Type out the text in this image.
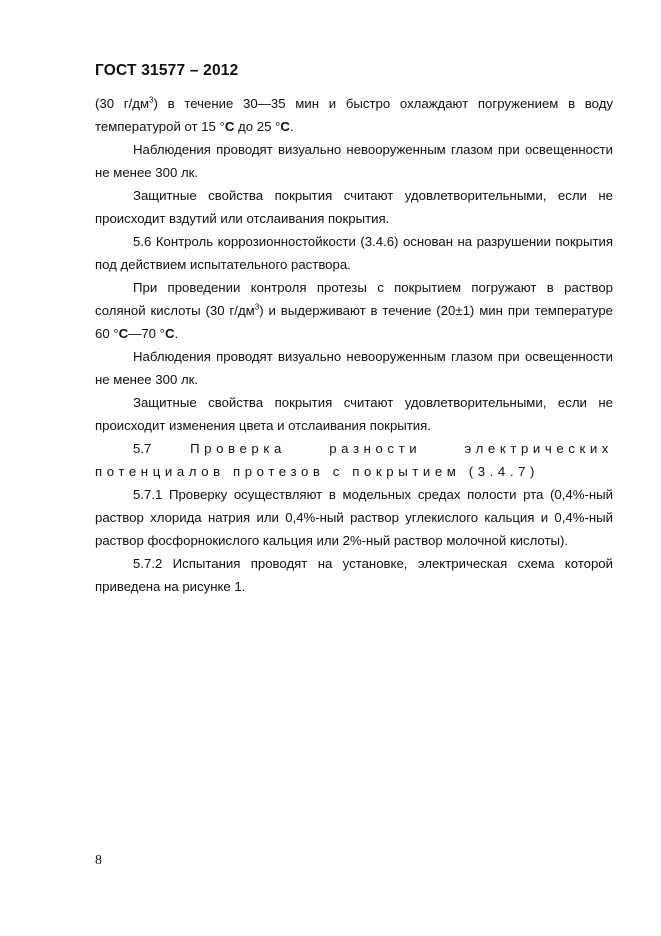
ГОСТ 31577 – 2012

(30 $г/дм^3$) в течение 30—35 мин и быстро охлаждают погружением в воду температурой от 15 °C до 25 °C.

Наблюдения проводят визуально невооруженным глазом при освещенности не менее 300 лк.

Защитные свойства покрытия считают удовлетворительными, если не происходит вздутий или отслаивания покрытия.

5.6 Контроль коррозионностойкости (3.4.6) основан на разрушении покрытия под действием испытательного раствора.

При проведении контроля протезы с покрытием погружают в раствор соляной кислоты (30 $г/дм^3$) и выдерживают в течение (20±1) мин при температуре 60 °C—70 °C.

Наблюдения проводят визуально невооруженным глазом при освещенности не менее 300 лк.

Защитные свойства покрытия считают удовлетворительными, если не происходит изменения цвета и отслаивания покрытия.

5.7 Проверка разности электрических потенциалов протезов с покрытием (3.4.7)

5.7.1 Проверку осуществляют в модельных средах полости рта (0,4%-ный раствор хлорида натрия или 0,4%-ный раствор углекислого кальция и 0,4%-ный раствор фосфорнокислого кальция или 2%-ный раствор молочной кислоты).

5.7.2 Испытания проводят на установке, электрическая схема которой приведена на рисунке 1.

8
